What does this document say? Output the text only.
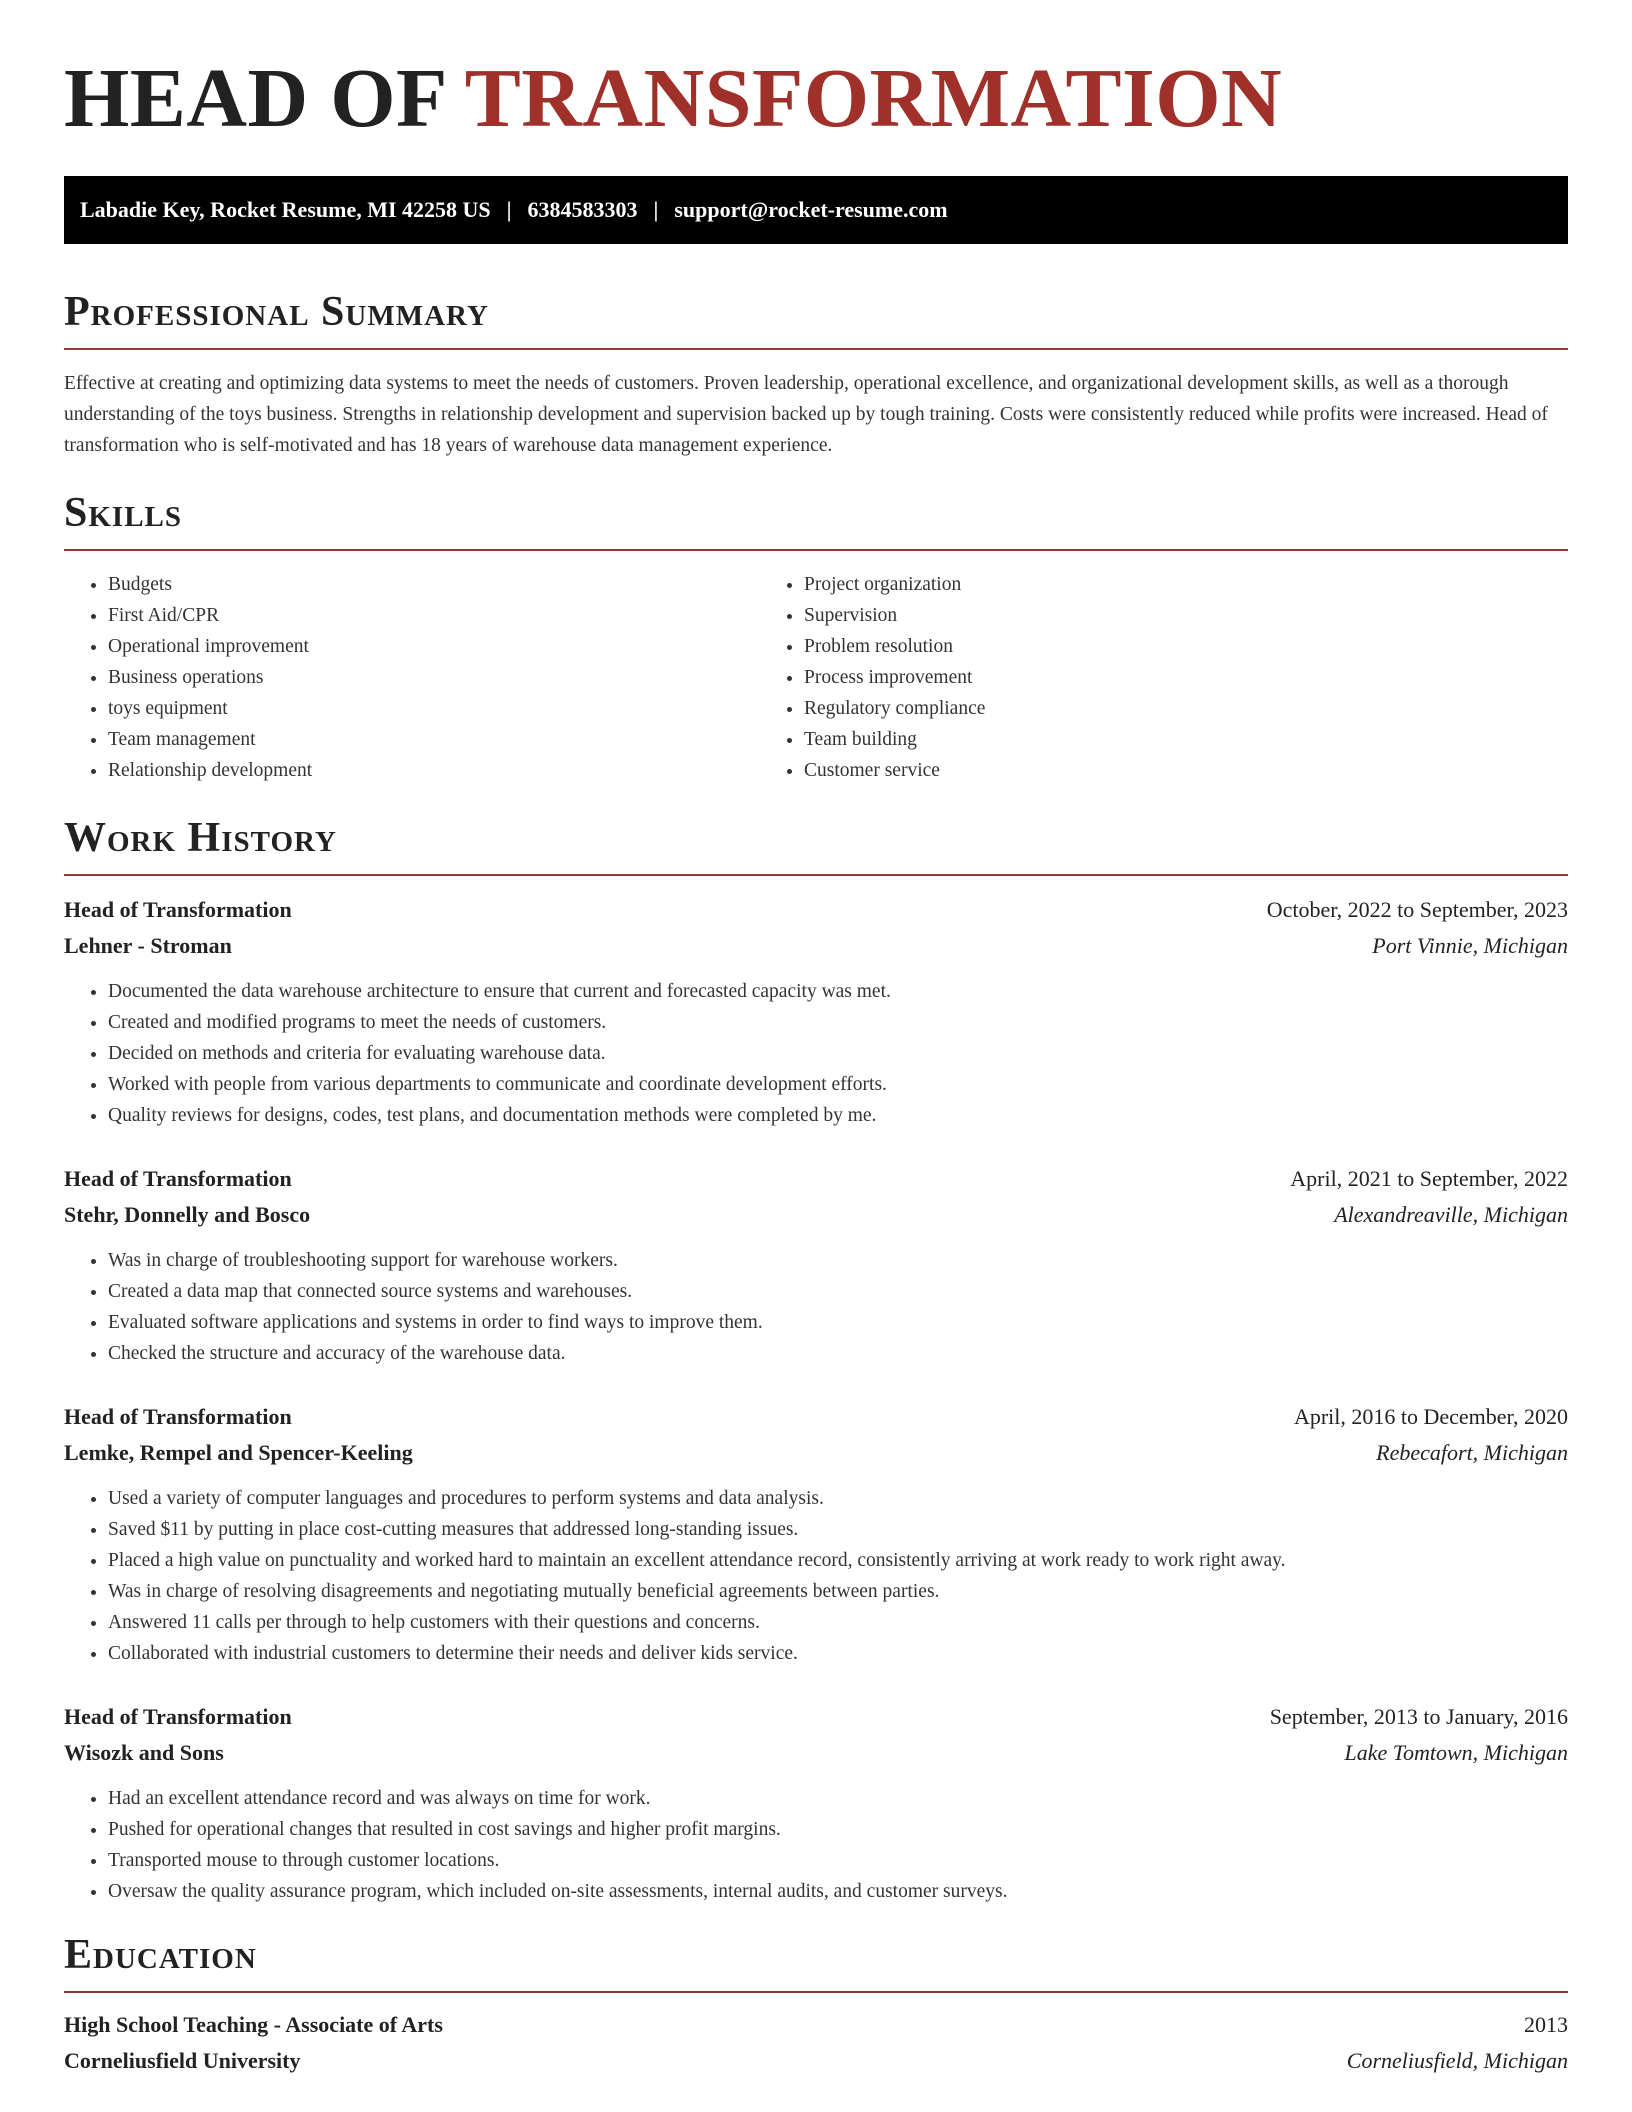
HEAD OF TRANSFORMATION
Labadie Key, Rocket Resume, MI 42258 US | 6384583303 | support@rocket-resume.com
Professional Summary

Effective at creating and optimizing data systems to meet the needs of customers. Proven leadership, operational excellence, and organizational development skills, as well as a thorough understanding of the toys business. Strengths in relationship development and supervision backed up by tough training. Costs were consistently reduced while profits were increased. Head of transformation who is self-motivated and has 18 years of warehouse data management experience.

Skills
• Budgets
• First Aid/CPR
• Operational improvement
• Business operations
• toys equipment
• Team management
• Relationship development
• Project organization
• Supervision
• Problem resolution
• Process improvement
• Regulatory compliance
• Team building
• Customer service
Work History
Head of Transformation	October, 2022 to September, 2023
Lehner - Stroman	Port Vinnie, Michigan
• Documented the data warehouse architecture to ensure that current and forecasted capacity was met.
• Created and modified programs to meet the needs of customers.
• Decided on methods and criteria for evaluating warehouse data.
• Worked with people from various departments to communicate and coordinate development efforts.
• Quality reviews for designs, codes, test plans, and documentation methods were completed by me.
Head of Transformation	April, 2021 to September, 2022
Stehr, Donnelly and Bosco	Alexandreaville, Michigan
• Was in charge of troubleshooting support for warehouse workers.
• Created a data map that connected source systems and warehouses.
• Evaluated software applications and systems in order to find ways to improve them.
• Checked the structure and accuracy of the warehouse data.
Head of Transformation	April, 2016 to December, 2020
Lemke, Rempel and Spencer-Keeling	Rebecafort, Michigan
• Used a variety of computer languages and procedures to perform systems and data analysis.
• Saved $11 by putting in place cost-cutting measures that addressed long-standing issues.
• Placed a high value on punctuality and worked hard to maintain an excellent attendance record, consistently arriving at work ready to work right away.
• Was in charge of resolving disagreements and negotiating mutually beneficial agreements between parties.
• Answered 11 calls per through to help customers with their questions and concerns.
• Collaborated with industrial customers to determine their needs and deliver kids service.
Head of Transformation	September, 2013 to January, 2016
Wisozk and Sons	Lake Tomtown, Michigan
• Had an excellent attendance record and was always on time for work.
• Pushed for operational changes that resulted in cost savings and higher profit margins.
• Transported mouse to through customer locations.
• Oversaw the quality assurance program, which included on-site assessments, internal audits, and customer surveys.
Education
High School Teaching - Associate of Arts	2013
Corneliusfield University	Corneliusfield, Michigan
